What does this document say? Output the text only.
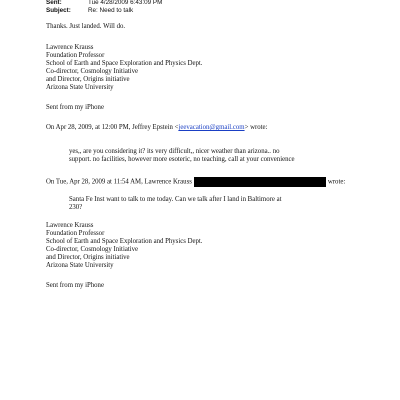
Sent:	Tue 4/28/2009 6:43:09 PM
Subject:	Re: Need to talk
Thanks. Just landed. Will do.
Lawrence Krauss
Foundation Professor
School of Earth and Space Exploration and Physics Dept.
Co-director, Cosmology Initiative
and Director, Origins initiative
Arizona State University
Sent from my iPhone
On Apr 28, 2009, at 12:00 PM, Jeffrey Epstein <jeevacation@gmail.com> wrote:
yes,, are you considering it? its very difficult,, nicer weather than arizona.. no
support. no facilities, however more esoteric, no teaching, call at your convenience
On Tue, Apr 28, 2009 at 11:54 AM, Lawrence Krauss	wrote:
Santa Fe Inst want to talk to me today. Can we talk after I land in Baltimore at
230?
Lawrence Krauss
Foundation Professor
School of Earth and Space Exploration and Physics Dept.
Co-director, Cosmology Initiative
and Director, Origins initiative
Arizona State University
Sent from my iPhone
